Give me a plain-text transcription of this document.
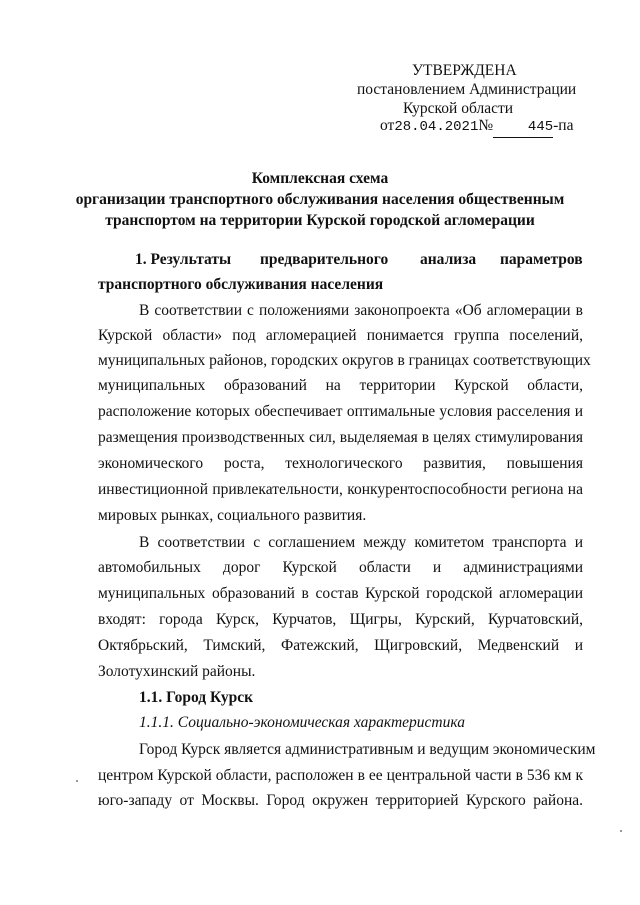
УТВЕРЖДЕНА
постановлением Администрации
Курской области
от28.04.2021№ 445-па
Комплексная схема
организации транспортного обслуживания населения общественным
транспортом на территории Курской городской агломерации
1. Результаты предварительного анализа параметров
транспортного обслуживания населения
В соответствии с положениями законопроекта «Об агломерации в
Курской области» под агломерацией понимается группа поселений,
муниципальных районов, городских округов в границах соответствующих
муниципальных образований на территории Курской области,
расположение которых обеспечивает оптимальные условия расселения и
размещения производственных сил, выделяемая в целях стимулирования
экономического роста, технологического развития, повышения
инвестиционной привлекательности, конкурентоспособности региона на
мировых рынках, социального развития.
В соответствии с соглашением между комитетом транспорта и
автомобильных дорог Курской области и администрациями
муниципальных образований в состав Курской городской агломерации
входят: города Курск, Курчатов, Щигры, Курский, Курчатовский,
Октябрьский, Тимский, Фатежский, Щигровский, Медвенский и
Золотухинский районы.
1.1. Город Курск
1.1.1. Социально-экономическая характеристика
Город Курск является административным и ведущим экономическим
центром Курской области, расположен в ее центральной части в 536 км к
юго-западу от Москвы. Город окружен территорией Курского района.
